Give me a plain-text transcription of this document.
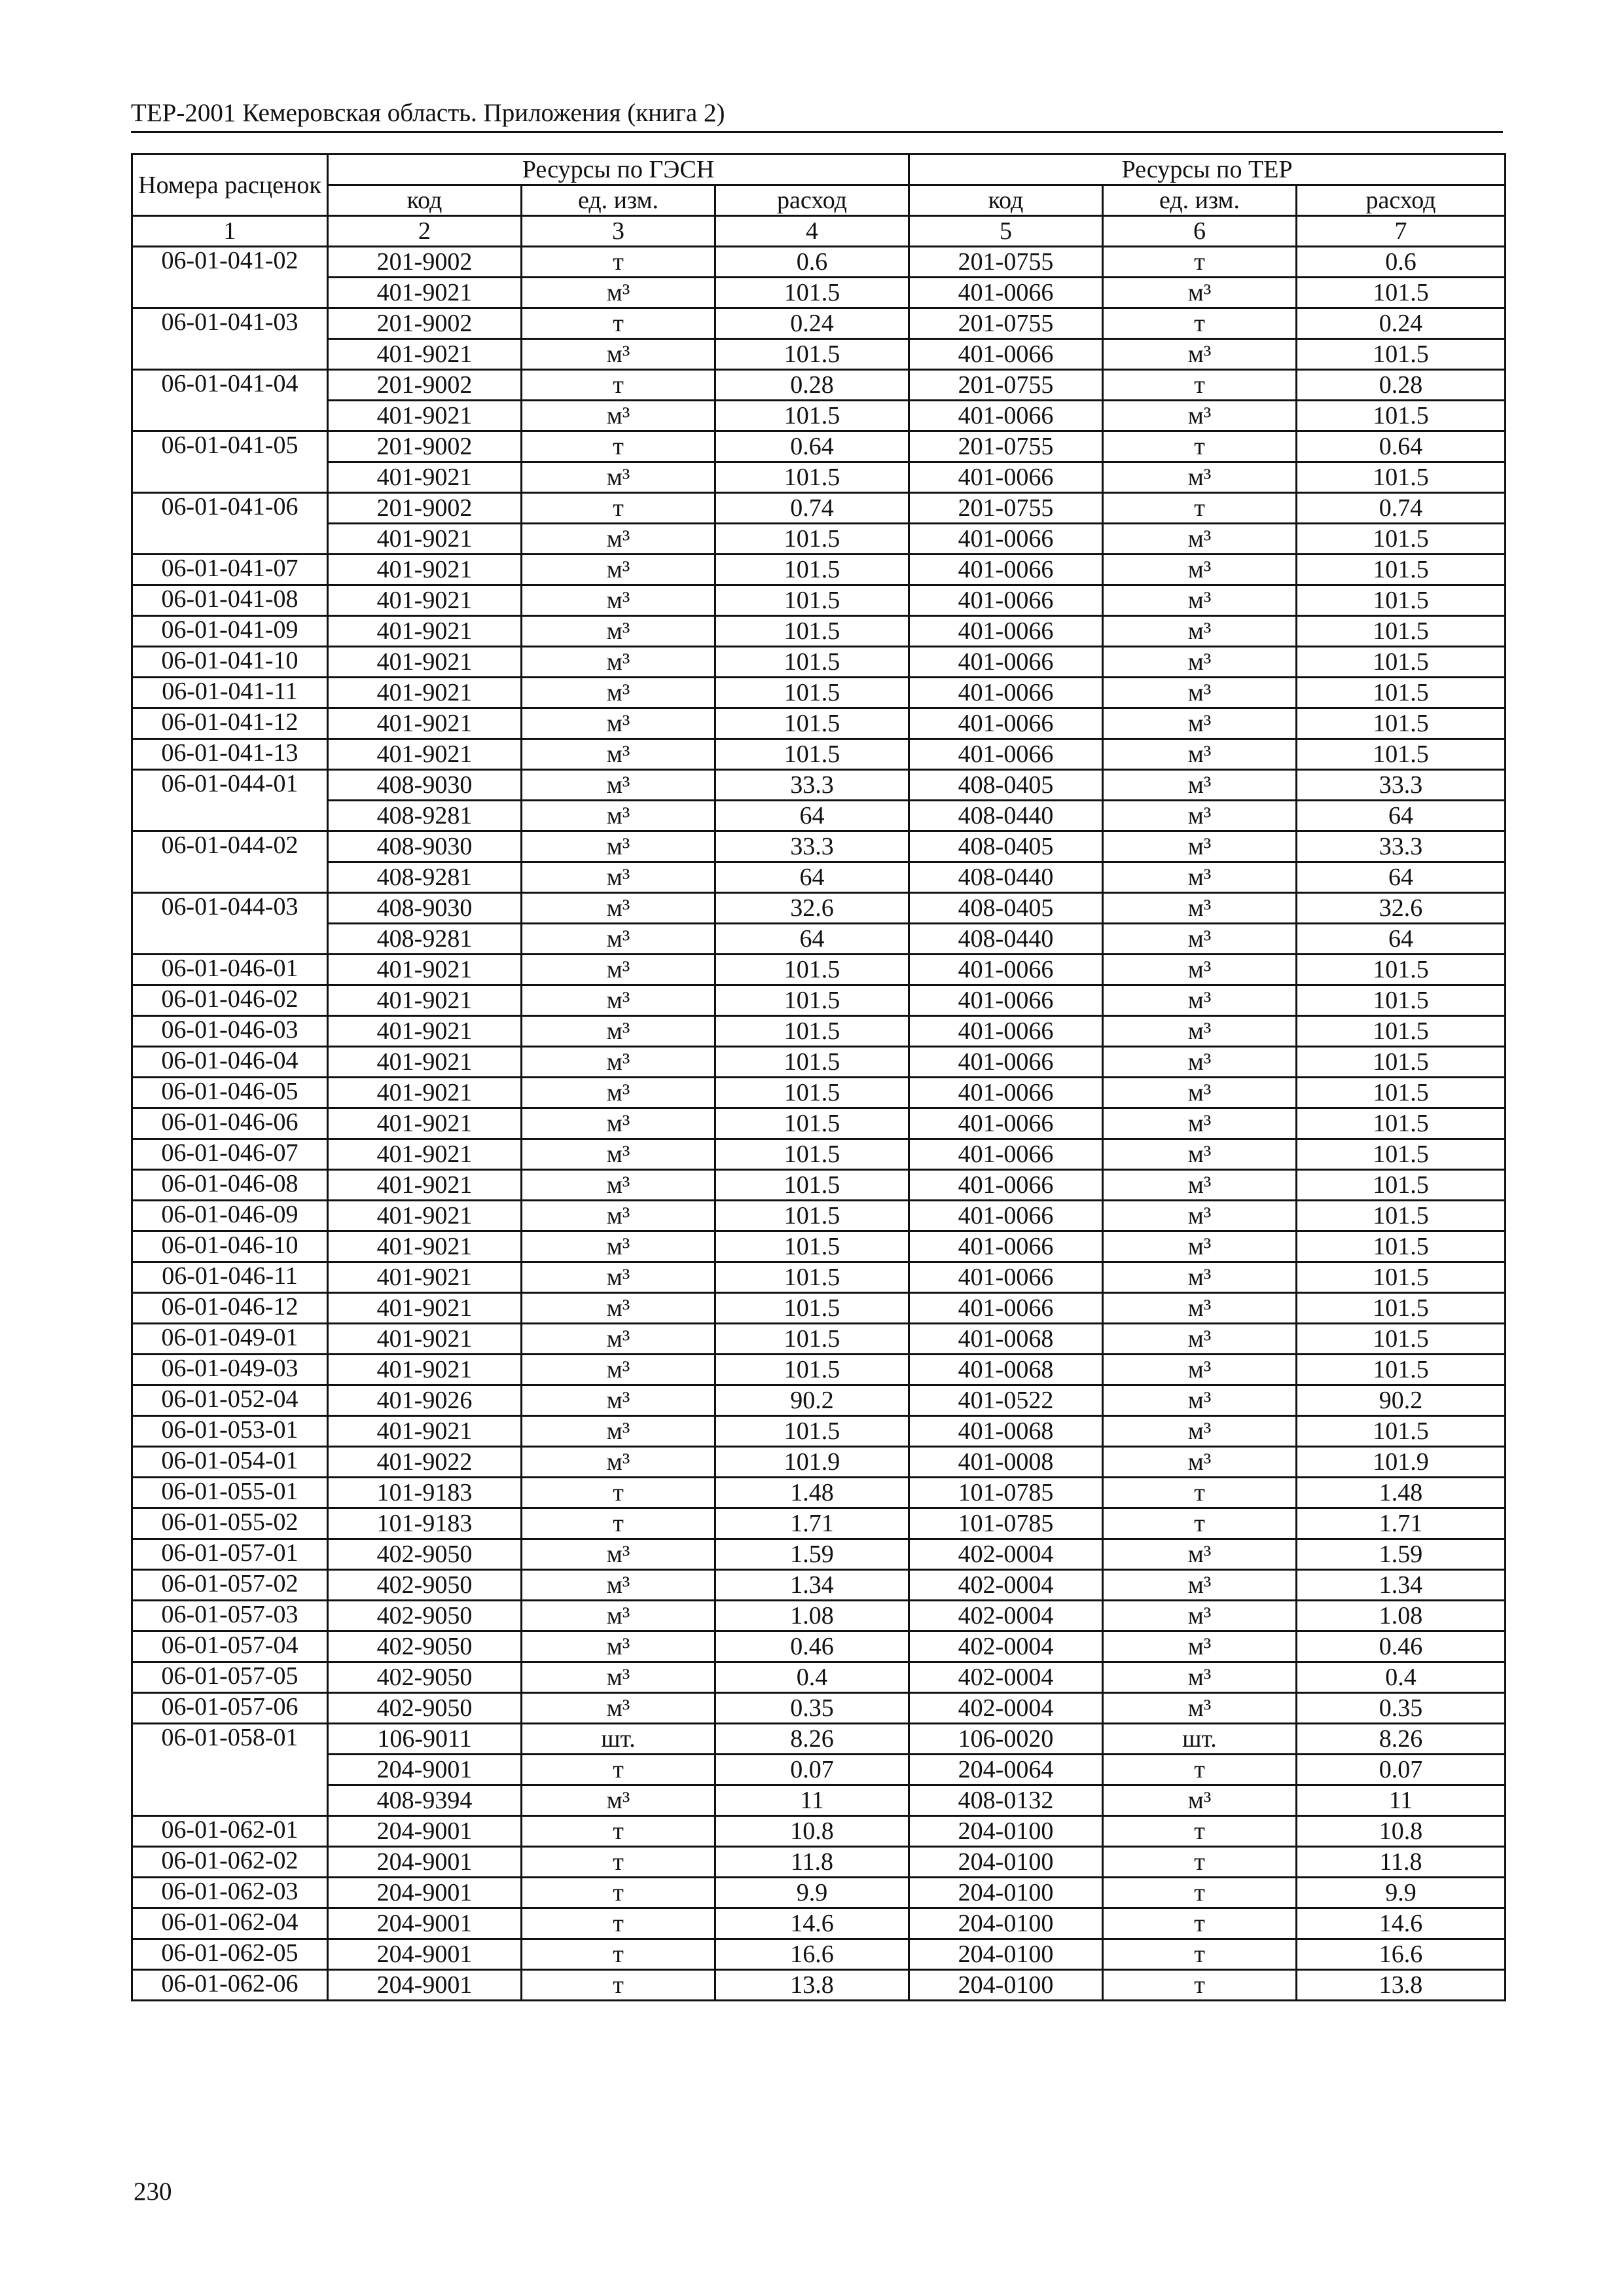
ТЕР-2001 Кемеровская область. Приложения (книга 2)
Номера расценок	Ресурсы по ГЭСН			Ресурсы по ТЕР		
	код	ед. изм.	расход	код	ед. изм.	расход
1	2	3	4	5	6	7
06-01-041-02	201-9002	т	0.6	201-0755	т	0.6
	401-9021	м³	101.5	401-0066	м³	101.5
06-01-041-03	201-9002	т	0.24	201-0755	т	0.24
	401-9021	м³	101.5	401-0066	м³	101.5
06-01-041-04	201-9002	т	0.28	201-0755	т	0.28
	401-9021	м³	101.5	401-0066	м³	101.5
06-01-041-05	201-9002	т	0.64	201-0755	т	0.64
	401-9021	м³	101.5	401-0066	м³	101.5
06-01-041-06	201-9002	т	0.74	201-0755	т	0.74
	401-9021	м³	101.5	401-0066	м³	101.5
06-01-041-07	401-9021	м³	101.5	401-0066	м³	101.5
06-01-041-08	401-9021	м³	101.5	401-0066	м³	101.5
06-01-041-09	401-9021	м³	101.5	401-0066	м³	101.5
06-01-041-10	401-9021	м³	101.5	401-0066	м³	101.5
06-01-041-11	401-9021	м³	101.5	401-0066	м³	101.5
06-01-041-12	401-9021	м³	101.5	401-0066	м³	101.5
06-01-041-13	401-9021	м³	101.5	401-0066	м³	101.5
06-01-044-01	408-9030	м³	33.3	408-0405	м³	33.3
	408-9281	м³	64	408-0440	м³	64
06-01-044-02	408-9030	м³	33.3	408-0405	м³	33.3
	408-9281	м³	64	408-0440	м³	64
06-01-044-03	408-9030	м³	32.6	408-0405	м³	32.6
	408-9281	м³	64	408-0440	м³	64
06-01-046-01	401-9021	м³	101.5	401-0066	м³	101.5
06-01-046-02	401-9021	м³	101.5	401-0066	м³	101.5
06-01-046-03	401-9021	м³	101.5	401-0066	м³	101.5
06-01-046-04	401-9021	м³	101.5	401-0066	м³	101.5
06-01-046-05	401-9021	м³	101.5	401-0066	м³	101.5
06-01-046-06	401-9021	м³	101.5	401-0066	м³	101.5
06-01-046-07	401-9021	м³	101.5	401-0066	м³	101.5
06-01-046-08	401-9021	м³	101.5	401-0066	м³	101.5
06-01-046-09	401-9021	м³	101.5	401-0066	м³	101.5
06-01-046-10	401-9021	м³	101.5	401-0066	м³	101.5
06-01-046-11	401-9021	м³	101.5	401-0066	м³	101.5
06-01-046-12	401-9021	м³	101.5	401-0066	м³	101.5
06-01-049-01	401-9021	м³	101.5	401-0068	м³	101.5
06-01-049-03	401-9021	м³	101.5	401-0068	м³	101.5
06-01-052-04	401-9026	м³	90.2	401-0522	м³	90.2
06-01-053-01	401-9021	м³	101.5	401-0068	м³	101.5
06-01-054-01	401-9022	м³	101.9	401-0008	м³	101.9
06-01-055-01	101-9183	т	1.48	101-0785	т	1.48
06-01-055-02	101-9183	т	1.71	101-0785	т	1.71
06-01-057-01	402-9050	м³	1.59	402-0004	м³	1.59
06-01-057-02	402-9050	м³	1.34	402-0004	м³	1.34
06-01-057-03	402-9050	м³	1.08	402-0004	м³	1.08
06-01-057-04	402-9050	м³	0.46	402-0004	м³	0.46
06-01-057-05	402-9050	м³	0.4	402-0004	м³	0.4
06-01-057-06	402-9050	м³	0.35	402-0004	м³	0.35
06-01-058-01	106-9011	шт.	8.26	106-0020	шт.	8.26
	204-9001	т	0.07	204-0064	т	0.07
	408-9394	м³	11	408-0132	м³	11
06-01-062-01	204-9001	т	10.8	204-0100	т	10.8
06-01-062-02	204-9001	т	11.8	204-0100	т	11.8
06-01-062-03	204-9001	т	9.9	204-0100	т	9.9
06-01-062-04	204-9001	т	14.6	204-0100	т	14.6
06-01-062-05	204-9001	т	16.6	204-0100	т	16.6
06-01-062-06	204-9001	т	13.8	204-0100	т	13.8
230
